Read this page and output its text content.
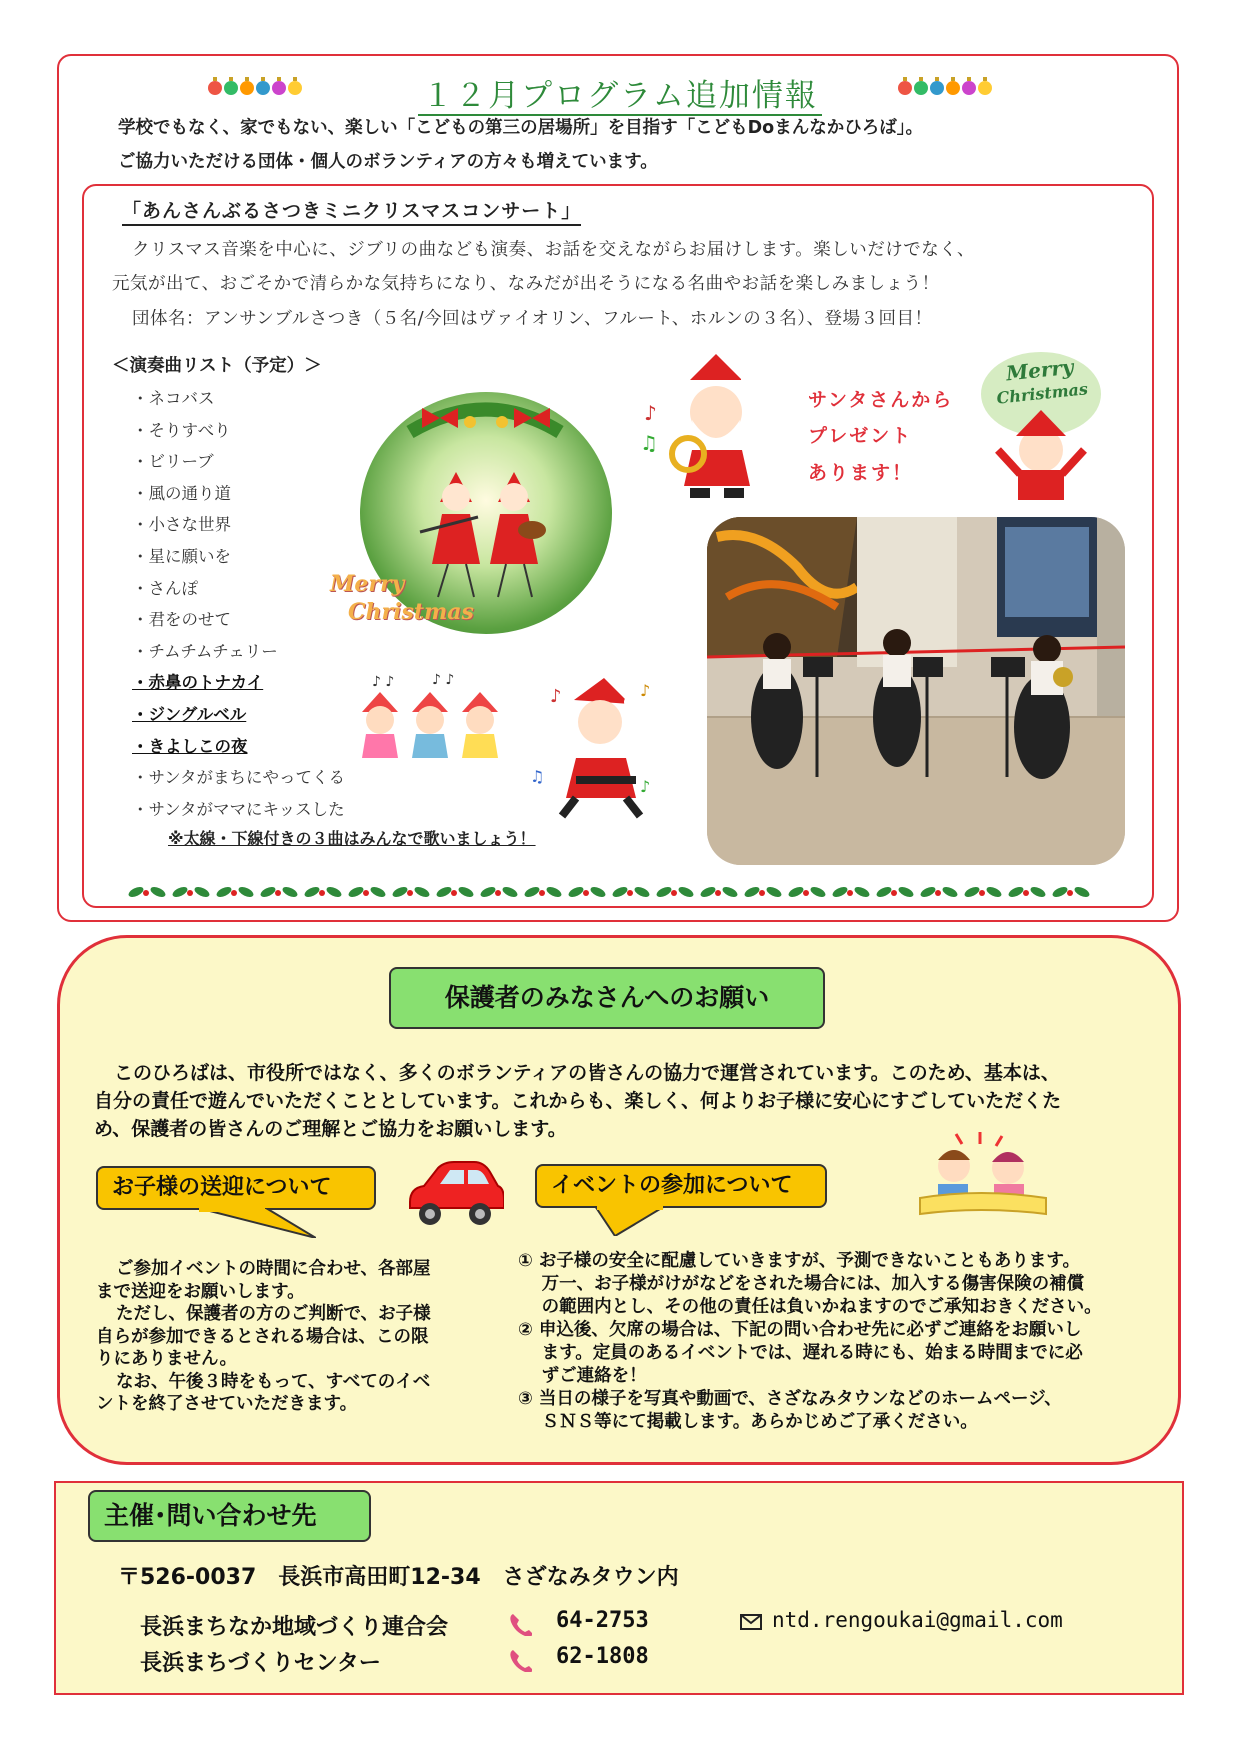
１２月プログラム追加情報
学校でもなく、家でもない、楽しい「こどもの第三の居場所」を目指す「こどもDoまんなかひろば」。
ご協力いただける団体・個人のボランティアの方々も増えています。
「あんさんぶるさつきミニクリスマスコンサート」
クリスマス音楽を中心に、ジブリの曲なども演奏、お話を交えながらお届けします。楽しいだけでなく、
元気が出て、おごそかで清らかな気持ちになり、なみだが出そうになる名曲やお話を楽しみましょう！
団体名：アンサンブルさつき（５名/今回はヴァイオリン、フルート、ホルンの３名）、登場３回目！
＜演奏曲リスト（予定）＞
・ネコバス
・そりすべり
・ビリーブ
・風の通り道
・小さな世界
・星に願いを
・さんぽ
・君をのせて
・チムチムチェリー
・赤鼻のトナカイ
・ジングルベル
・きよしこの夜
・サンタがまちにやってくる
・サンタがママにキッスした
※太線・下線付きの３曲はみんなで歌いましょう！
Merry
Christmas
♪ ♪	♪ ♪
♪	♪
♫
♪
♪
♫
サンタさんから
プレゼント
あります！
Merry
Christmas
保護者のみなさんへのお願い
このひろばは、市役所ではなく、多くのボランティアの皆さんの協力で運営されています。このため、基本は、
自分の責任で遊んでいただくこととしています。これからも、楽しく、何よりお子様に安心にすごしていただくた
め、保護者の皆さんのご理解とご協力をお願いします。
お子様の送迎について	イベントの参加について
ご参加イベントの時間に合わせ、各部屋
まで送迎をお願いします。
ただし、保護者の方のご判断で、お子様
自らが参加できるとされる場合は、この限
りにありません。
なお、午後３時をもって、すべてのイベ
ントを終了させていただきます。
① お子様の安全に配慮していきますが、予測できないこともあります。
　 万一、お子様がけがなどをされた場合には、加入する傷害保険の補償
　 の範囲内とし、その他の責任は負いかねますのでご承知おきください。
② 申込後、欠席の場合は、下記の問い合わせ先に必ずご連絡をお願いし
　 ます。定員のあるイベントでは、遅れる時にも、始まる時間までに必
　 ずご連絡を！
③ 当日の様子を写真や動画で、さざなみタウンなどのホームページ、
　 ＳＮＳ等にて掲載します。あらかじめご了承ください。
主催･問い合わせ先
〒526-0037　長浜市高田町12-34　さざなみタウン内
長浜まちなか地域づくり連合会
長浜まちづくりセンター
64-2753
62-1808
ntd.rengoukai@gmail.com
